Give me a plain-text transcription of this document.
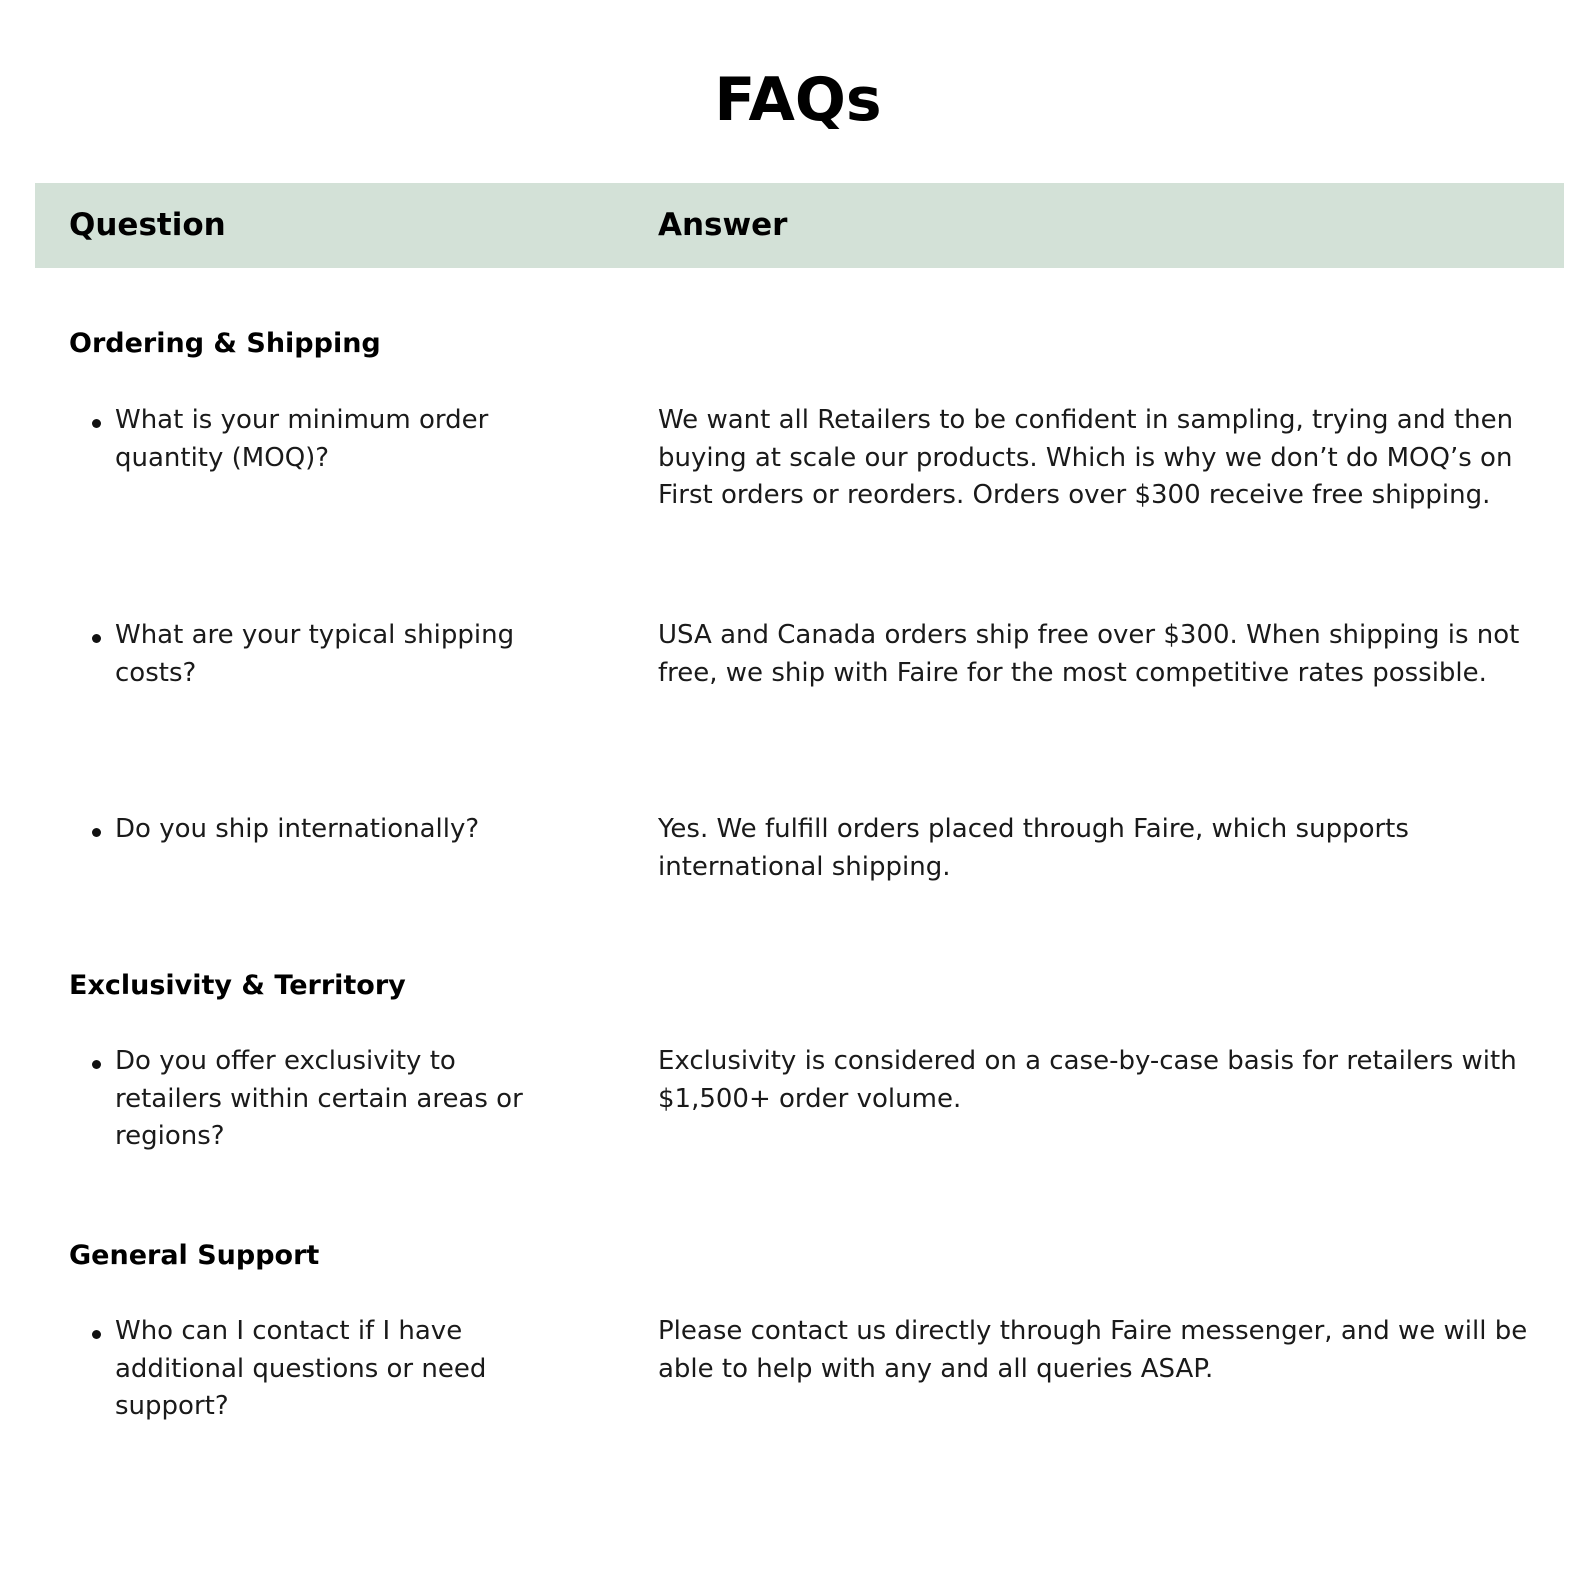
FAQs
Question	Answer
Ordering & Shipping
What is your minimum order quantity (MOQ)?
We want all Retailers to be confident in sampling, trying and then buying at scale our products. Which is why we don’t do MOQ’s on First orders or reorders. Orders over $300 receive free shipping.
What are your typical shipping costs?
USA and Canada orders ship free over $300. When shipping is not free, we ship with Faire for the most competitive rates possible.
Do you ship internationally?	Yes. We fulfill orders placed through Faire, which supports international shipping.
Exclusivity & Territory
Do you offer exclusivity to retailers within certain areas or regions?
Exclusivity is considered on a case-by-case basis for retailers with $1,500+ order volume.
General Support
Who can I contact if I have additional questions or need support?
Please contact us directly through Faire messenger, and we will be able to help with any and all queries ASAP.
